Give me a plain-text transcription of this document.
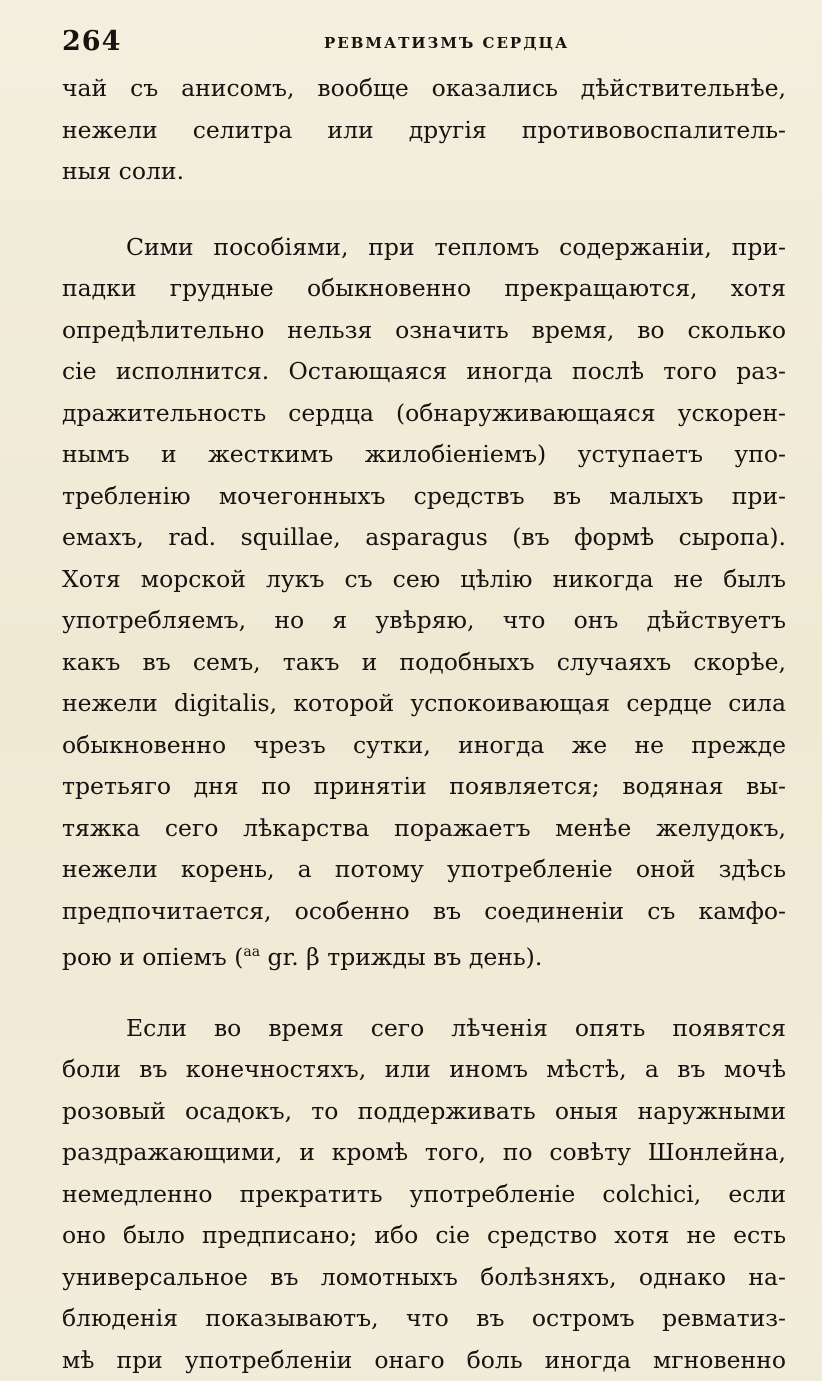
264	РЕВМАТИЗМЪ СЕРДЦА
чай съ анисомъ, вообще оказались дѣйствительнѣе,
нежели селитра или другія противовоспалитель-
ныя соли.
Сими пособіями, при тепломъ содержаніи, при-
падки грудные обыкновенно прекращаются, хотя
опредѣлительно нельзя означить время, во сколько
сіе исполнится. Остающаяся иногда послѣ того раз-
дражительность сердца (обнаруживающаяся ускорен-
нымъ и жесткимъ жилобіеніемъ) уступаетъ упо-
требленію мочегонныхъ средствъ въ малыхъ при-
емахъ, rad. squillae, asparagus (въ формѣ сыропа).
Хотя морской лукъ съ сею цѣлію никогда не былъ
употребляемъ, но я увѣряю, что онъ дѣйствуетъ
какъ въ семъ, такъ и подобныхъ случаяхъ скорѣе,
нежели digitalis, которой успокоивающая сердце сила
обыкновенно чрезъ сутки, иногда же не прежде
третьяго дня по принятіи появляется; водяная вы-
тяжка сего лѣкарства поражаетъ менѣе желудокъ,
нежели корень, а потому употребленіе оной здѣсь
предпочитается, особенно въ соединеніи съ камфо-
рою и опіемъ ($^{aa}$ gr. β трижды въ день).
Если во время сего лѣченія опять появятся
боли въ конечностяхъ, или иномъ мѣстѣ, а въ мочѣ
розовый осадокъ, то поддерживать оныя наружными
раздражающими, и кромѣ того, по совѣту Шонлейна,
немедленно прекратить употребленіе colchici, если
оно было предписано; ибо сіе средство хотя не есть
универсальное въ ломотныхъ болѣзняхъ, однако на-
блюденія показываютъ, что въ остромъ ревматиз-
мѣ при употребленіи онаго боль иногда мгновенно
